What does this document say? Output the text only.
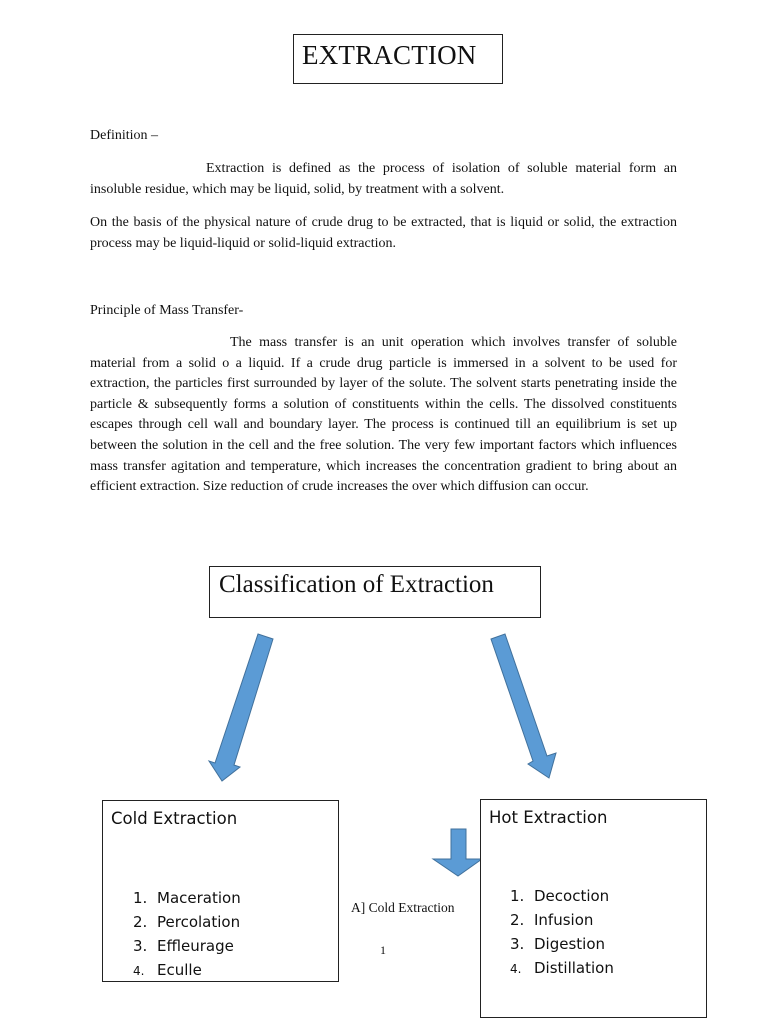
EXTRACTION
Definition –

Extraction is defined as the process of isolation of soluble material form an insoluble residue, which may be liquid, solid, by treatment with a solvent.

On the basis of the physical nature of crude drug to be extracted, that is liquid or solid, the extraction process may be liquid-liquid or solid-liquid extraction.

Principle of Mass Transfer-

The mass transfer is an unit operation which involves transfer of soluble material from a solid o a liquid. If a crude drug particle is immersed in a solvent to be used for extraction, the particles first surrounded by layer of the solute. The solvent starts penetrating inside the particle & subsequently forms a solution of constituents within the cells. The dissolved constituents escapes through cell wall and boundary layer. The process is continued till an equilibrium is set up between the solution in the cell and the free solution. The very few important factors which influences mass transfer agitation and temperature, which increases the concentration gradient to bring about an efficient extraction. Size reduction of crude increases the over which diffusion can occur.

Classification of Extraction
Cold Extraction
1. Maceration
2. Percolation
3. Effleurage
4. Eculle
Hot Extraction
1. Decoction
2. Infusion
3. Digestion
4. Distillation
A] Cold Extraction
1
